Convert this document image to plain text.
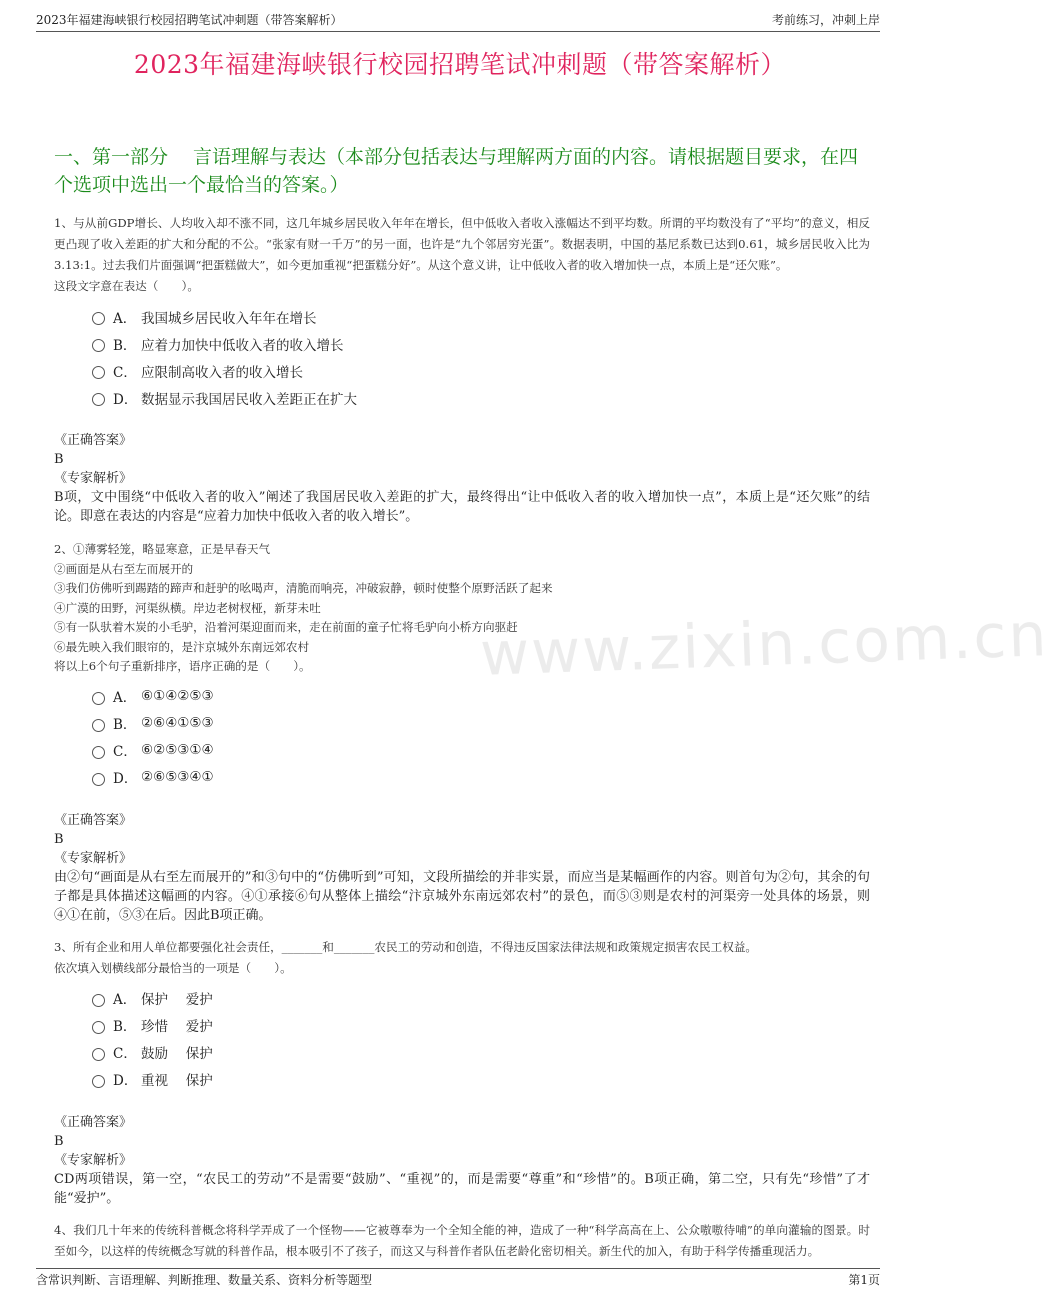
2023年福建海峡银行校园招聘笔试冲刺题（带答案解析）	考前练习，冲刺上岸
2023年福建海峡银行校园招聘笔试冲刺题（带答案解析）
一、第一部分　 言语理解与表达（本部分包括表达与理解两方面的内容。请根据题目要求，在四个选项中选出一个最恰当的答案。）
www.zixin.com.cn

1、与从前GDP增长、人均收入却不涨不同，这几年城乡居民收入年年在增长，但中低收入者收入涨幅达不到平均数。所谓的平均数没有了“平均”的意义，相反更凸现了收入差距的扩大和分配的不公。“张家有财一千万”的另一面，也许是“九个邻居穷光蛋”。数据表明，中国的基尼系数已达到0.61，城乡居民收入比为3.13:1。过去我们片面强调“把蛋糕做大”，如今更加重视“把蛋糕分好”。从这个意义讲，让中低收入者的收入增加快一点，本质上是“还欠账”。

这段文字意在表达（　　）。

A． 我国城乡居民收入年年在增长
B． 应着力加快中低收入者的收入增长
C． 应限制高收入者的收入增长
D． 数据显示我国居民收入差距正在扩大
《正确答案》
B
《专家解析》
B项，文中围绕“中低收入者的收入”阐述了我国居民收入差距的扩大，最终得出“让中低收入者的收入增加快一点”，本质上是“还欠账”的结论。即意在表达的内容是“应着力加快中低收入者的收入增长”。
2、①薄雾轻笼，略显寒意，正是早春天气
②画面是从右至左而展开的
③我们仿佛听到踢踏的蹄声和赶驴的吆喝声，清脆而响亮，冲破寂静，顿时使整个原野活跃了起来
④广漠的田野，河渠纵横。岸边老树杈桠，新芽未吐
⑤有一队驮着木炭的小毛驴，沿着河渠迎面而来，走在前面的童子忙将毛驴向小桥方向驱赶
⑥最先映入我们眼帘的，是汴京城外东南远郊农村
将以上6个句子重新排序，语序正确的是（　　）。
A． ⑥①④②⑤③
B． ②⑥④①⑤③
C． ⑥②⑤③①④
D． ②⑥⑤③④①
《正确答案》
B
《专家解析》
由②句“画面是从右至左而展开的”和③句中的“仿佛听到”可知，文段所描绘的并非实景，而应当是某幅画作的内容。则首句为②句，其余的句子都是具体描述这幅画的内容。④①承接⑥句从整体上描绘“汴京城外东南远郊农村”的景色，而⑤③则是农村的河渠旁一处具体的场景，则④①在前，⑤③在后。因此B项正确。

3、所有企业和用人单位都要强化社会责任，_______和_______农民工的劳动和创造，不得违反国家法律法规和政策规定损害农民工权益。

依次填入划横线部分最恰当的一项是（　　）。

A． 保护　 爱护
B． 珍惜　 爱护
C． 鼓励　 保护
D． 重视　 保护
《正确答案》
B
《专家解析》
CD两项错误，第一空，“农民工的劳动”不是需要“鼓励”、“重视”的，而是需要“尊重”和“珍惜”的。B项正确，第二空，只有先“珍惜”了才能“爱护”。

4、我们几十年来的传统科普概念将科学弄成了一个怪物——它被尊奉为一个全知全能的神，造成了一种“科学高高在上、公众嗷嗷待哺”的单向灌输的图景。时至如今，以这样的传统概念写就的科普作品，根本吸引不了孩子，而这又与科普作者队伍老龄化密切相关。新生代的加入，有助于科学传播重现活力。

含常识判断、言语理解、判断推理、数量关系、资料分析等题型	第1页
